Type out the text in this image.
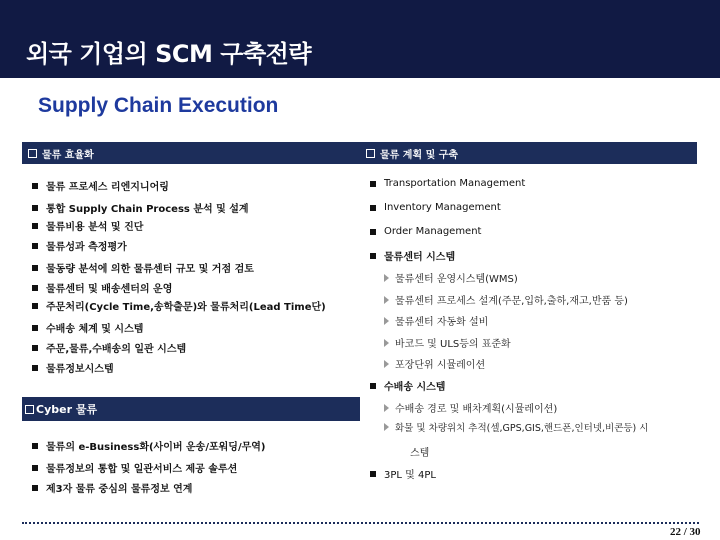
외국 기업의 SCM 구축전략
Supply Chain Execution
물류 효율화	물류 계획 및 구축
물류 프로세스 리엔지니어링
통합 Supply Chain Process 분석 및 설계
물류비용 분석 및 진단
물류성과 측정평가
물동량 분석에 의한 물류센터 규모 및 거점 검토
물류센터 및 배송센터의 운영
주문처리(Cycle Time,송학출문)와 물류처리(Lead Time단)
수배송 체계 및 시스템
주문,물류,수배송의 일관 시스템
물류정보시스템
Cyber 물류
물류의 e-Business화(사이버 운송/포워딩/무역)
물류정보의 통합 및 일관서비스 제공 솔루션
제3자 물류 중심의 물류정보 연계
Transportation Management
Inventory Management
Order Management
물류센터 시스템
물류센터 운영시스템(WMS)
물류센터 프로세스 설계(주문,입하,출하,재고,반품 등)
물류센터 자동화 설비
바코드 및 ULS등의 표준화
포장단위 시뮬레이션
수배송 시스템
수배송 경로 및 배차계획(시뮬레이션)
화물 및 차량위치 추적(셀,GPS,GIS,핸드폰,인터넷,비콘등) 시
스템
3PL 및 4PL
22 / 30
